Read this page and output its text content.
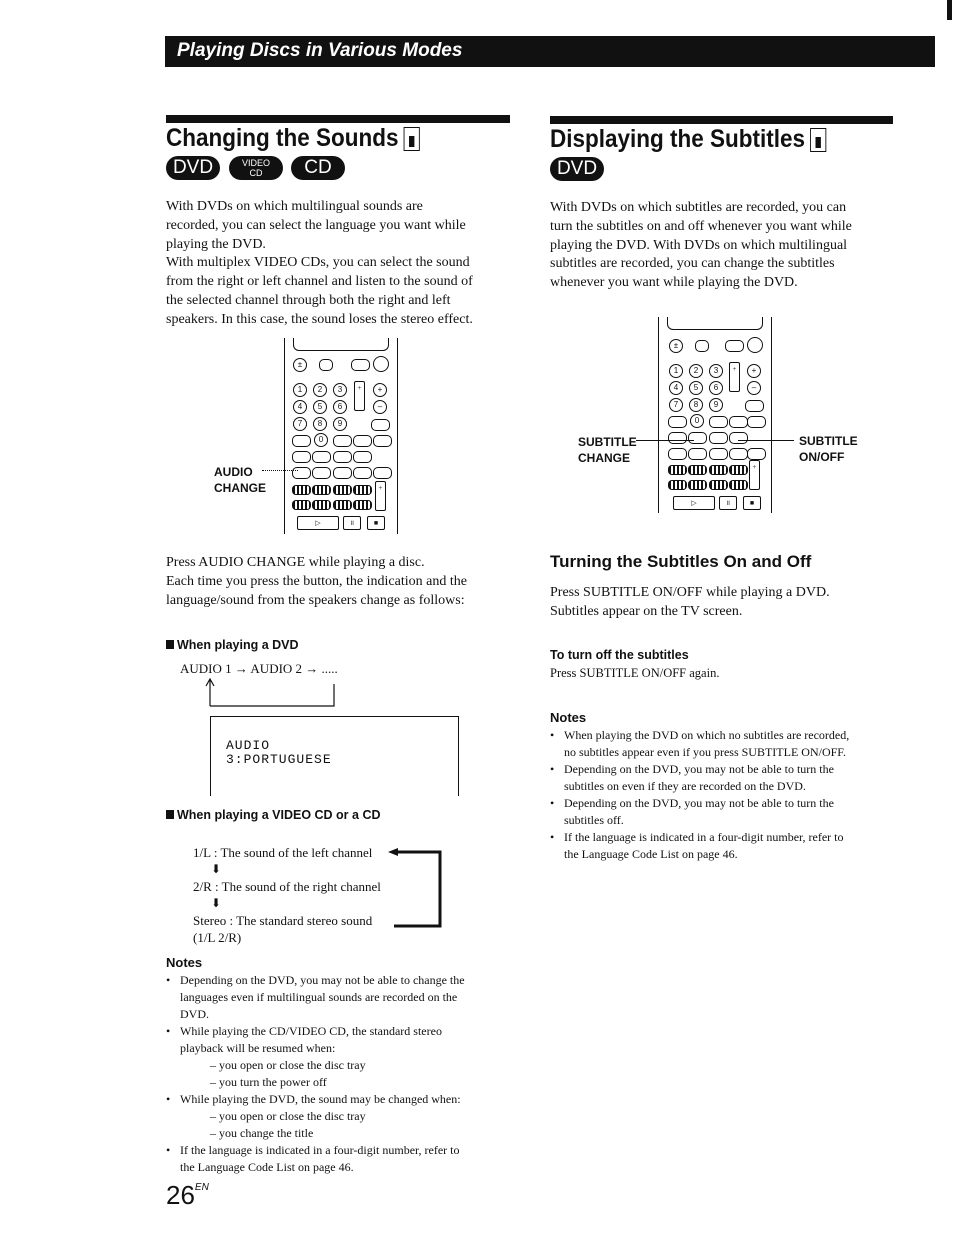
Playing Discs in Various Modes
Changing the Sounds
DVD	VIDEO
CD	CD
With DVDs on which multilingual sounds are
recorded, you can select the language you want while
playing the DVD.
With multiplex VIDEO CDs, you can select the sound
from the right or left channel and listen to the sound of
the selected channel through both the right and left
speakers. In this case, the sound loses the stereo effect.
±
1	2	3	+	+
4	5	6	–
7	8	9
0
+
▷	॥	■
AUDIO
CHANGE
Press AUDIO CHANGE while playing a disc.
Each time you press the button, the indication and the
language/sound from the speakers change as follows:
When playing a DVD
AUDIO 1 → AUDIO 2 → .....
AUDIO
3:PORTUGUESE
When playing a VIDEO CD or a CD
1/L : The sound of the left channel
⬇
2/R : The sound of the right channel
⬇
Stereo : The standard stereo sound
(1/L 2/R)
Notes
• Depending on the DVD, you may not be able to change the
languages even if multilingual sounds are recorded on the
DVD.
• While playing the CD/VIDEO CD, the standard stereo
playback will be resumed when:
– you open or close the disc tray
– you turn the power off
• While playing the DVD, the sound may be changed when:
– you open or close the disc tray
– you change the title
• If the language is indicated in a four-digit number, refer to
the Language Code List on page 46.
Displaying the Subtitles
DVD
With DVDs on which subtitles are recorded, you can
turn the subtitles on and off whenever you want while
playing the DVD. With DVDs on which multilingual
subtitles are recorded, you can change the subtitles
whenever you want while playing the DVD.
±
1	2	3	+	+
4	5	6	–
7	8	9
0
+
▷	॥	■
SUBTITLE
CHANGE
SUBTITLE
ON/OFF
Turning the Subtitles On and Off
Press SUBTITLE ON/OFF while playing a DVD.
Subtitles appear on the TV screen.
To turn off the subtitles
Press SUBTITLE ON/OFF again.
Notes
• When playing the DVD on which no subtitles are recorded,
no subtitles appear even if you press SUBTITLE ON/OFF.
• Depending on the DVD, you may not be able to turn the
subtitles on even if they are recorded on the DVD.
• Depending on the DVD, you may not be able to turn the
subtitles off.
• If the language is indicated in a four-digit number, refer to
the Language Code List on page 46.
$26^{EN}$
